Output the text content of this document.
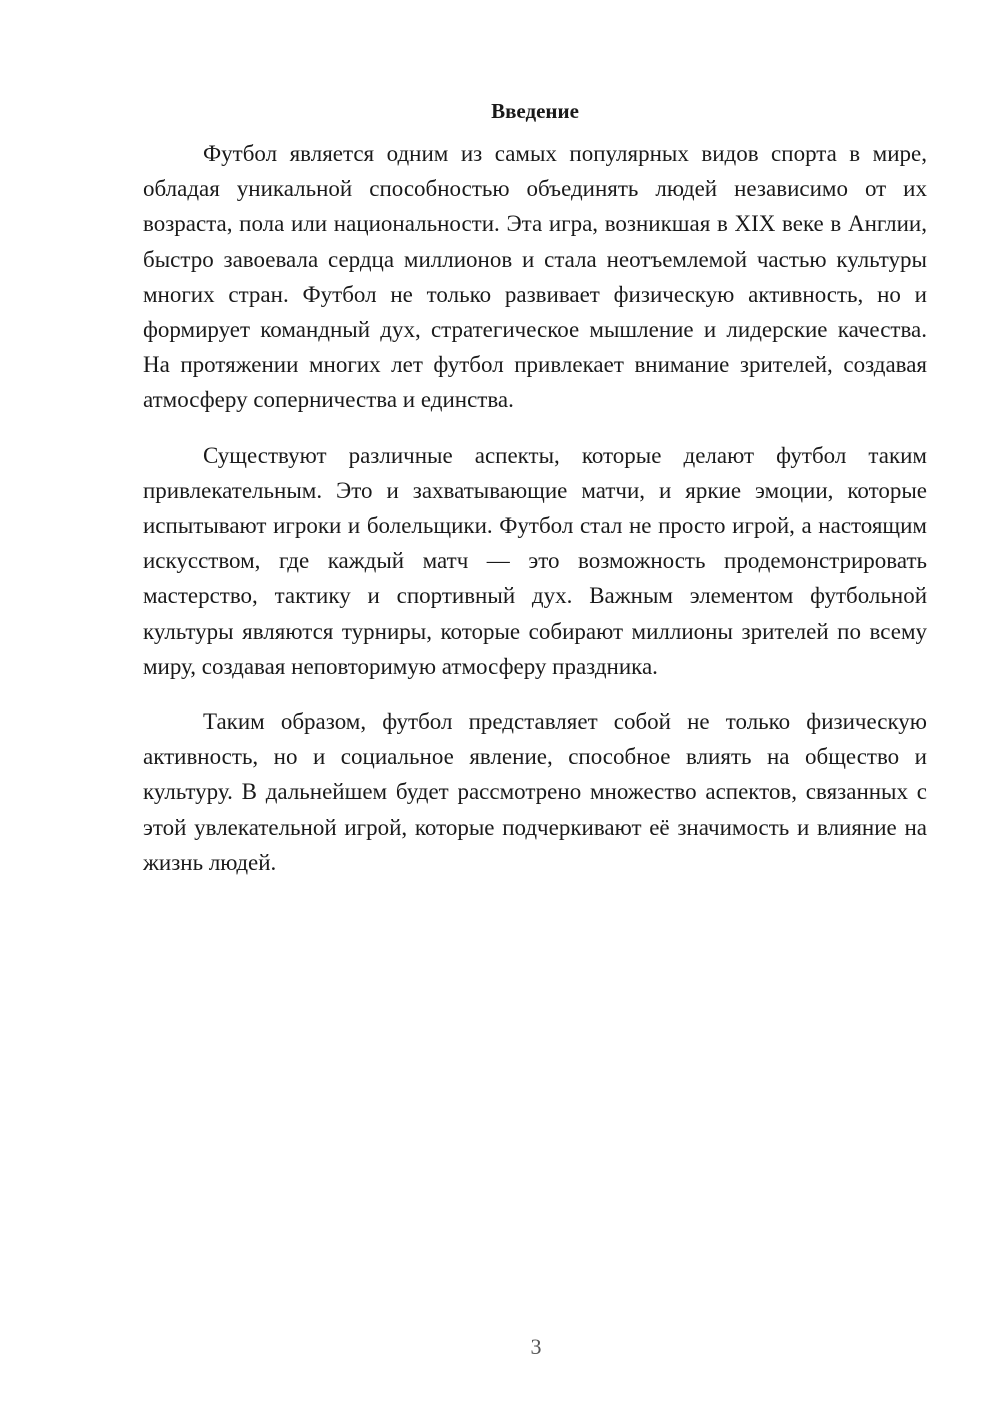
Введение

Футбол является одним из самых популярных видов спорта в мире, обладая уникальной способностью объединять людей независимо от их возраста, пола или национальности. Эта игра, возникшая в XIX веке в Англии, быстро завоевала сердца миллионов и стала неотъемлемой частью культуры многих стран. Футбол не только развивает физическую активность, но и формирует командный дух, стратегическое мышление и лидерские качества. На протяжении многих лет футбол привлекает внимание зрителей, создавая атмосферу соперничества и единства.

Существуют различные аспекты, которые делают футбол таким привлекательным. Это и захватывающие матчи, и яркие эмоции, которые испытывают игроки и болельщики. Футбол стал не просто игрой, а настоящим искусством, где каждый матч — это возможность продемонстрировать мастерство, тактику и спортивный дух. Важным элементом футбольной культуры являются турниры, которые собирают миллионы зрителей по всему миру, создавая неповторимую атмосферу праздника.

Таким образом, футбол представляет собой не только физическую активность, но и социальное явление, способное влиять на общество и культуру. В дальнейшем будет рассмотрено множество аспектов, связанных с этой увлекательной игрой, которые подчеркивают её значимость и влияние на жизнь людей.

3
